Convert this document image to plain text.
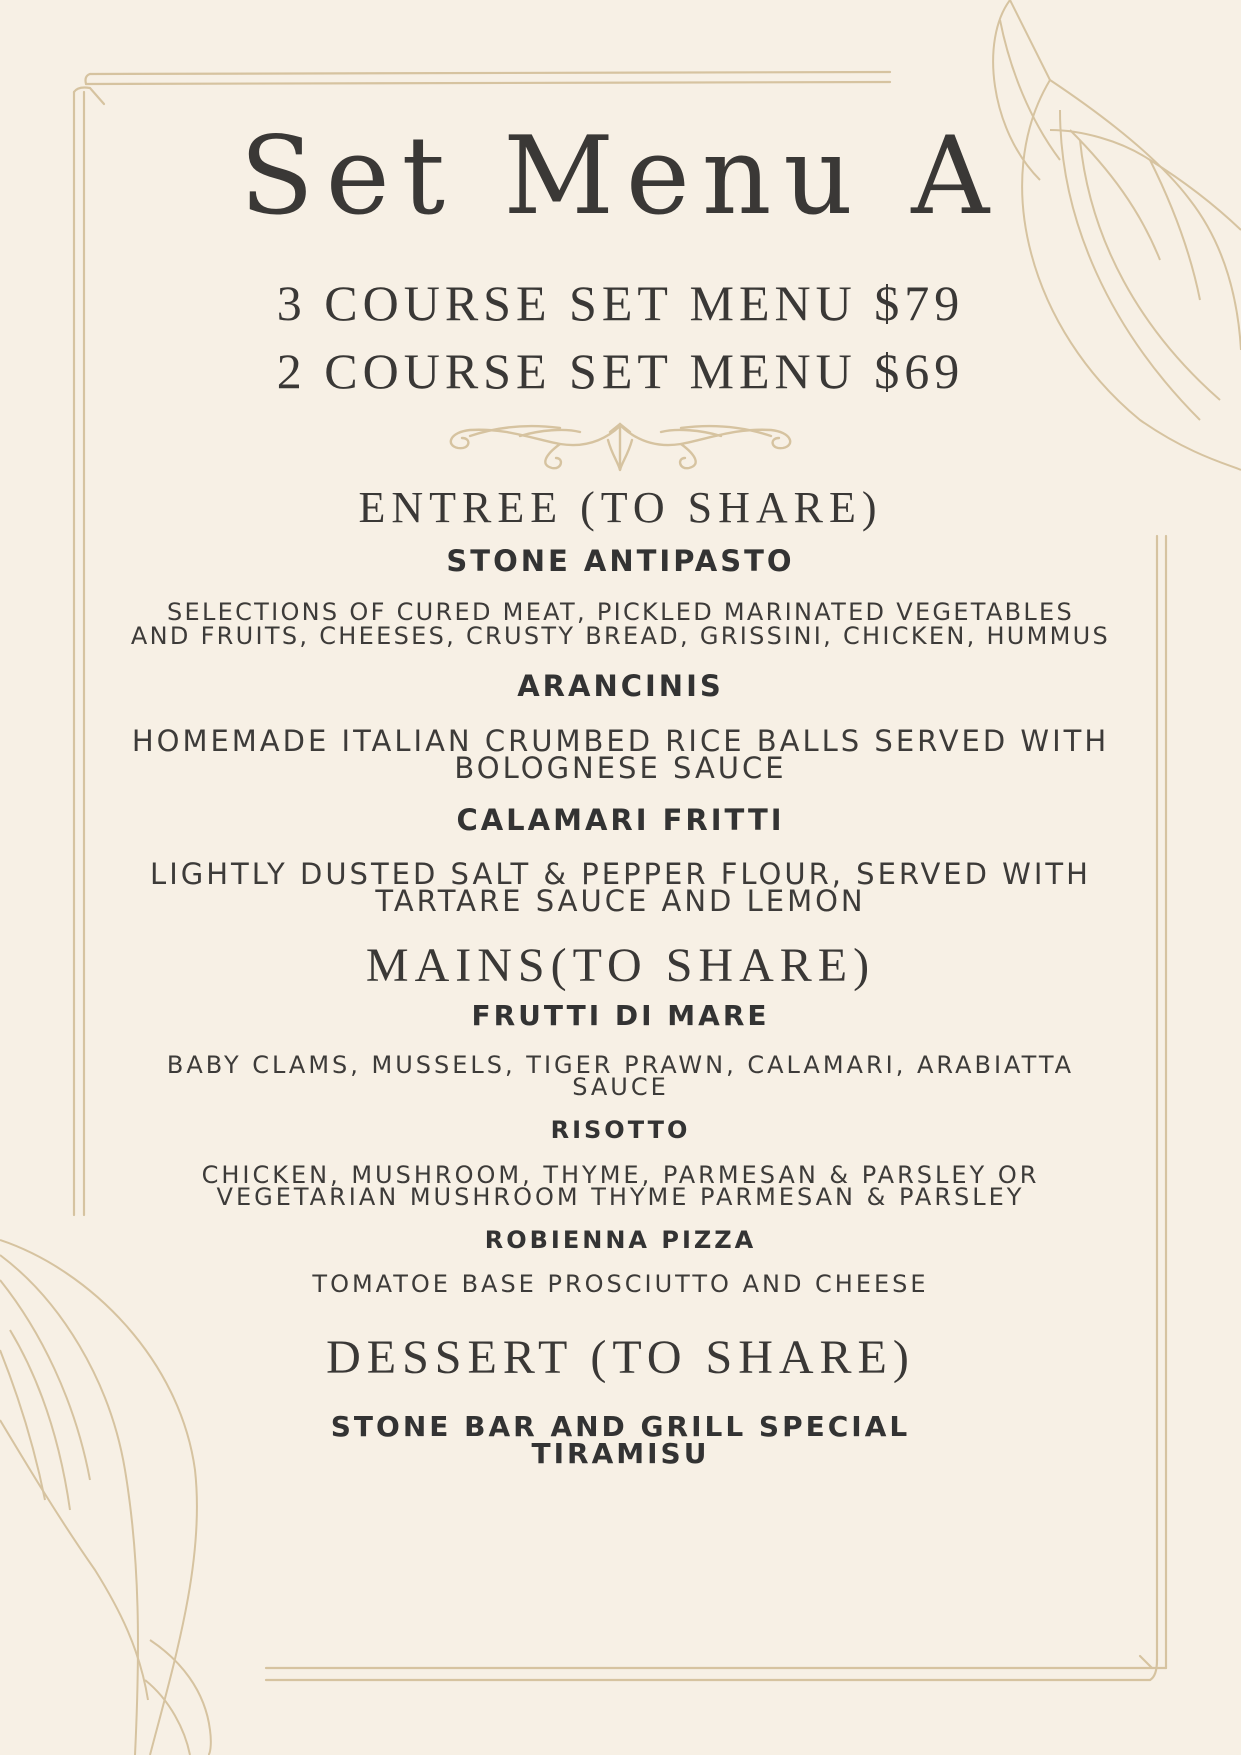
Set Menu A
3 COURSE SET MENU $79
2 COURSE SET MENU $69
ENTREE (TO SHARE)
STONE ANTIPASTO
SELECTIONS OF CURED MEAT, PICKLED MARINATED VEGETABLES
AND FRUITS, CHEESES, CRUSTY BREAD, GRISSINI, CHICKEN, HUMMUS
ARANCINIS
HOMEMADE ITALIAN CRUMBED RICE BALLS SERVED WITH
BOLOGNESE SAUCE
CALAMARI FRITTI
LIGHTLY DUSTED SALT & PEPPER FLOUR, SERVED WITH
TARTARE SAUCE AND LEMON
MAINS(TO SHARE)
FRUTTI DI MARE
BABY CLAMS, MUSSELS, TIGER PRAWN, CALAMARI, ARABIATTA
SAUCE
RISOTTO
CHICKEN, MUSHROOM, THYME, PARMESAN & PARSLEY OR
VEGETARIAN MUSHROOM THYME PARMESAN & PARSLEY
ROBIENNA PIZZA
TOMATOE BASE PROSCIUTTO AND CHEESE
DESSERT (TO SHARE)
STONE BAR AND GRILL SPECIAL
TIRAMISU
